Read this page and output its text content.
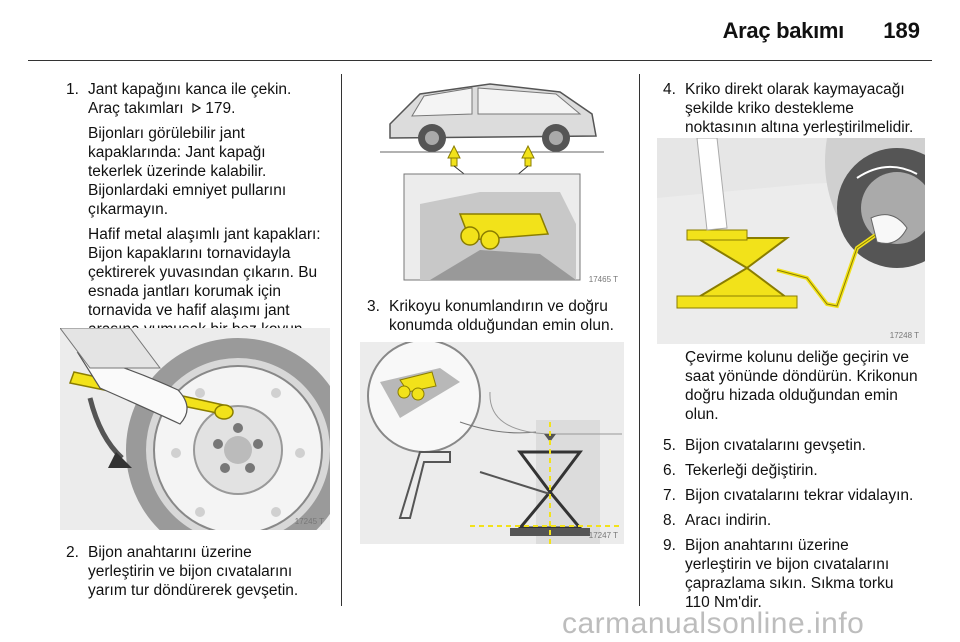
Araç bakımı 189
1. Jant kapağını kanca ile çekin.
Araç takımları 179.
Bijonları görülebilir jant
kapaklarında: Jant kapağı
tekerlek üzerinde kalabilir.
Bijonlardaki emniyet pullarını
çıkarmayın.
Hafif metal alaşımlı jant kapakları:
Bijon kapaklarını tornavidayla
çektirerek yuvasından çıkarın. Bu
esnada jantları korumak için
tornavida ve hafif alaşımı jant
17245 T
2. Bijon anahtarını üzerine
yerleştirin ve bijon cıvatalarını
yarım tur döndürerek gevşetin.
17465 T
3. Krikoyu konumlandırın ve doğru
konumda olduğundan emin olun.
17247 T
4. Kriko direkt olarak kaymayacağı
şekilde kriko destekleme
noktasının altına yerleştirilmelidir.
17248 T
Çevirme kolunu deliğe geçirin ve
saat yönünde döndürün. Krikonun
doğru hizada olduğundan emin
olun.
5. Bijon cıvatalarını gevşetin.
6. Tekerleği değiştirin.
7. Bijon cıvatalarını tekrar vidalayın.
8. Aracı indirin.
9. Bijon anahtarını üzerine
yerleştirin ve bijon cıvatalarını
çaprazlama sıkın. Sıkma torku
110 Nm'dir.
carmanualsonline.info
